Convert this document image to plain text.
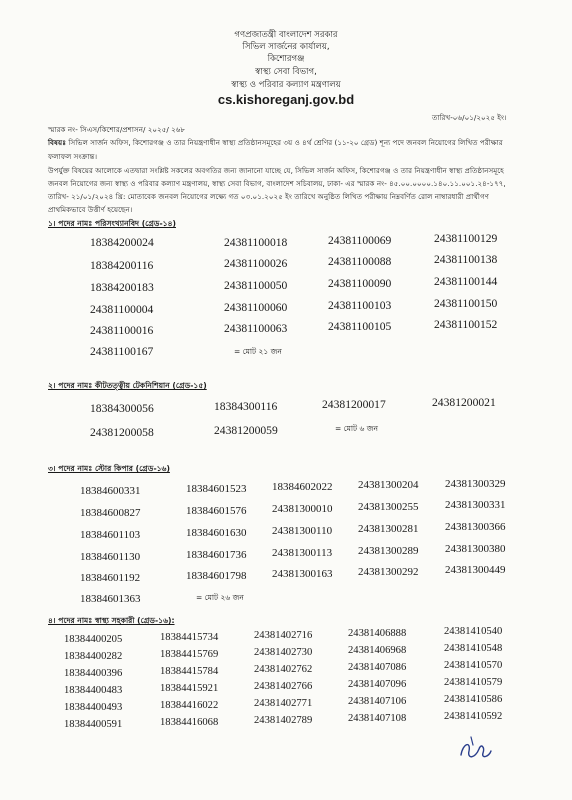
গণপ্রজাতন্ত্রী বাংলাদেশ সরকার
সিভিল সার্জনের কার্যালয়,
কিশোরগঞ্জ
স্বাস্থ্য সেবা বিভাগ,
স্বাস্থ্য ও পরিবার কল্যাণ মন্ত্রণালয়
cs.kishoreganj.gov.bd
তারিখ-০৬/০১/২০২৫ ইং।
স্মারক নং- সিএস/কিশোর/প্রশাসন/ ২০২৫/ ২৬৮
বিষয়ঃ সিভিল সার্জন অফিস, কিশোরগঞ্জ ও তার নিয়ন্ত্রণাধীন স্বাস্থ্য প্রতিষ্ঠানসমূহের ৩য় ও ৪র্থ শ্রেণির (১১-২০ গ্রেড) শূন্য পদে জনবল নিয়োগের লিখিত পরীক্ষার
ফলাফল সংক্রান্ত।
উপর্যুক্ত বিষয়ের আলোকে এতদ্বারা সংশ্লিষ্ট সকলের অবগতির জন্য জানানো যাচ্ছে যে, সিভিল সার্জন অফিস, কিশোরগঞ্জ ও তার নিয়ন্ত্রণাধীন স্বাস্থ্য প্রতিষ্ঠানসমূহে
জনবল নিয়োগের জন্য স্বাস্থ্য ও পরিবার কল্যাণ মন্ত্রণালয়, স্বাস্থ্য সেবা বিভাগ, বাংলাদেশ সচিবালয়, ঢাকা- এর স্মারক নং- ৪৫.০০.০০০০.১৪০.১১.০০১.২৪-১৭৭,
তারিখ- ২১/০১/২০২৪ খ্রি: মোতাবেক জনবল নিয়োগের লক্ষ্যে গত ০৩.০১.২০২৫ ইং তারিখে অনুষ্ঠিত লিখিত পরীক্ষায় নিম্নবর্ণিত রোল নাম্বারধারী প্রার্থীগণ
প্রাথমিকভাবে উত্তীর্ণ হয়েছেন।
১। পদের নামঃ পরিসংখ্যানবিদ (গ্রেড-১৪)
18384200024	24381100018	24381100069	24381100129
18384200116	24381100026	24381100088	24381100138
18384200183	24381100050	24381100090	24381100144
24381100004	24381100060	24381100103	24381100150
24381100016	24381100063	24381100105	24381100152
24381100167	= মোট ২১ জন
২। পদের নামঃ কীটতত্ত্বীয় টেকনিশিয়ান (গ্রেড-১৫)
18384300056	18384300116	24381200017	24381200021
24381200058	24381200059	= মোট ৬ জন
৩। পদের নামঃ স্টোর কিপার (গ্রেড-১৬)
18384600331	18384601523 18384602022 24381300204 24381300329
18384600827	18384601576 24381300010 24381300255 24381300331
18384601103	18384601630 24381300110 24381300281 24381300366
18384601130	18384601736 24381300113 24381300289 24381300380
18384601192	18384601798 24381300163 24381300292 24381300449
18384601363	= মোট ২৬ জন
৪। পদের নামঃ স্বাস্থ্য সহকারী (গ্রেড-১৬):
18384400205	18384415734	24381402716	24381406888	24381410540
18384400282	18384415769	24381402730	24381406968	24381410548
18384400396	18384415784	24381402762	24381407086	24381410570
18384400483	18384415921	24381402766	24381407096	24381410579
18384400493	18384416022	24381402771	24381407106	24381410586
18384400591	18384416068	24381402789	24381407108	24381410592
